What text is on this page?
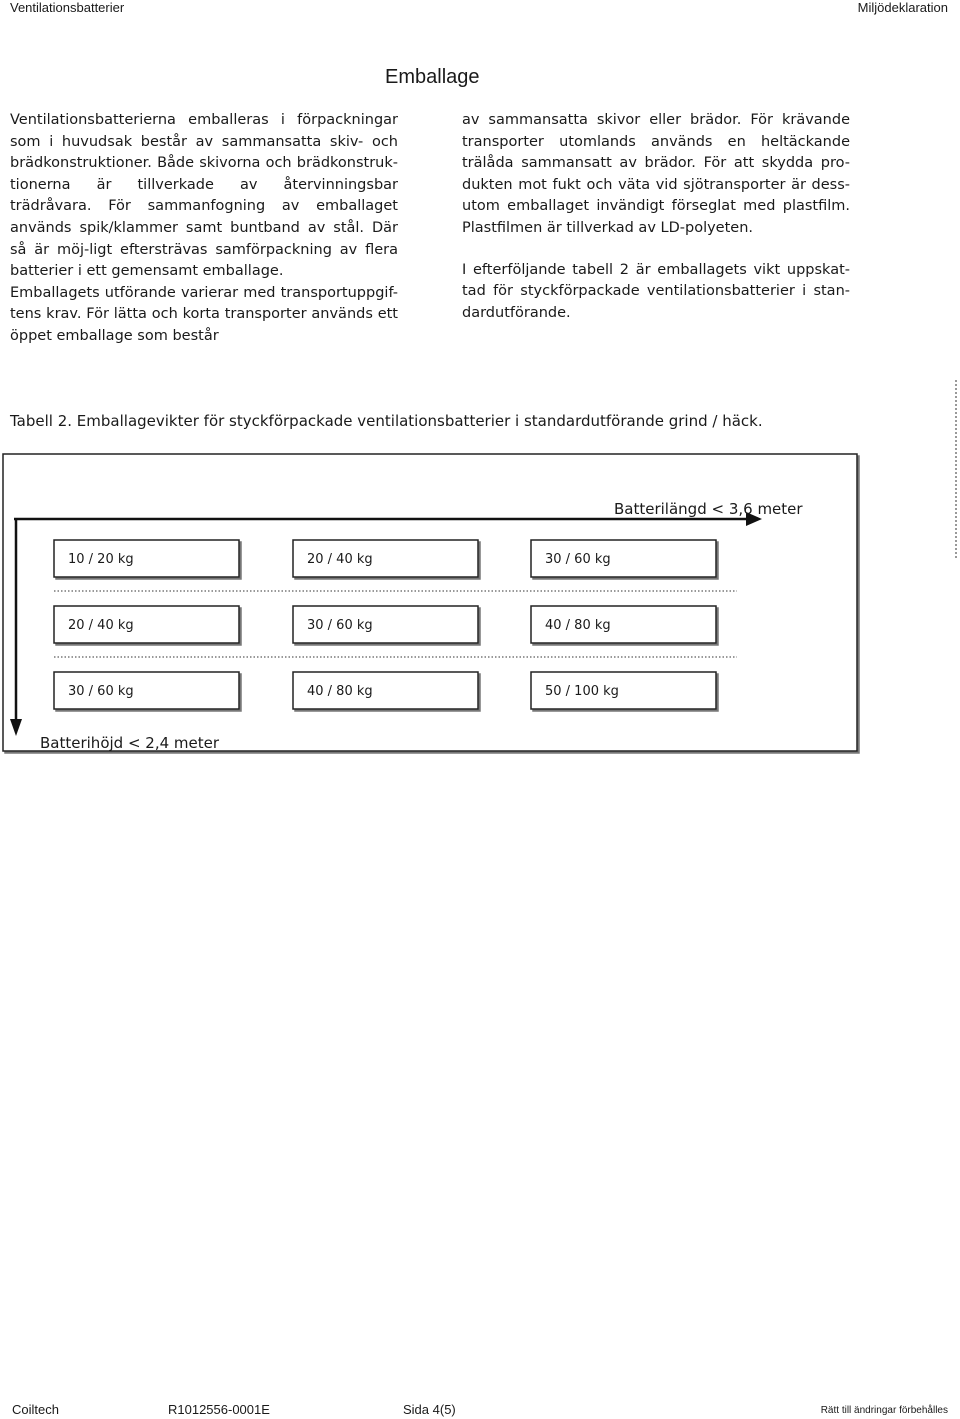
Ventilationsbatterier	Miljödeklaration
Emballage

Ventilationsbatterierna emballeras i förpackningar som i huvudsak består av sammansatta skiv- och brädkonstruktioner. Både skivorna och brädkonstruk-tionerna är tillverkade av återvinningsbar trädråvara. För sammanfogning av emballaget används spik/klammer samt buntband av stål. Där så är möj-ligt eftersträvas samförpackning av flera batterier i ett gemensamt emballage.

Emballagets utförande varierar med transportuppgif-tens krav. För lätta och korta transporter används ett öppet emballage som består

av sammansatta skivor eller brädor. För krävande transporter utomlands används en heltäckande trälåda sammansatt av brädor. För att skydda pro-dukten mot fukt och väta vid sjötransporter är dess-utom emballaget invändigt förseglat med plastfilm. Plastfilmen är tillverkad av LD-polyeten.

I efterföljande tabell 2 är emballagets vikt uppskat-tad för styckförpackade ventilationsbatterier i stan-dardutförande.

Tabell 2. Emballagevikter för styckförpackade ventilationsbatterier i standardutförande grind / häck.
Batterilängd < 3,6 meter
Batterihöjd < 2,4 meter
10 / 20 kg	20 / 40 kg	30 / 60 kg
20 / 40 kg	30 / 60 kg	40 / 80 kg
30 / 60 kg	40 / 80 kg	50 / 100 kg
Coiltech	R1012556-0001E	Sida 4(5)	Rätt till ändringar förbehålles
